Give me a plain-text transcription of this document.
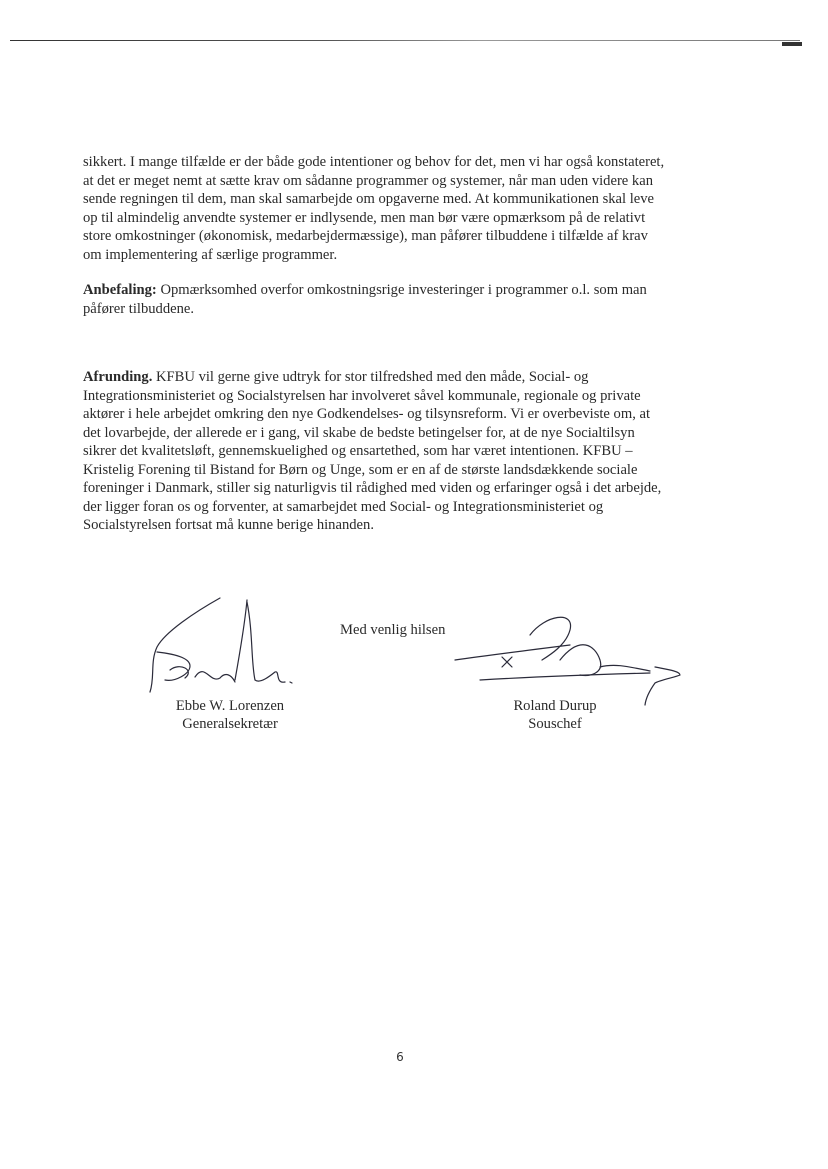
sikkert. I mange tilfælde er der både gode intentioner og behov for det, men vi har også konstateret,
at det er meget nemt at sætte krav om sådanne programmer og systemer, når man uden videre kan
sende regningen til dem, man skal samarbejde om opgaverne med. At kommunikationen skal leve
op til almindelig anvendte systemer er indlysende, men man bør være opmærksom på de relativt
store omkostninger (økonomisk, medarbejdermæssige), man påfører tilbuddene i tilfælde af krav
om implementering af særlige programmer.
Anbefaling: Opmærksomhed overfor omkostningsrige investeringer i programmer o.l. som man
påfører tilbuddene.
Afrunding. KFBU vil gerne give udtryk for stor tilfredshed med den måde, Social- og
Integrationsministeriet og Socialstyrelsen har involveret såvel kommunale, regionale og private
aktører i hele arbejdet omkring den nye Godkendelses- og tilsynsreform. Vi er overbeviste om, at
det lovarbejde, der allerede er i gang, vil skabe de bedste betingelser for, at de nye Socialtilsyn
sikrer det kvalitetsløft, gennemskuelighed og ensartethed, som har været intentionen. KFBU –
Kristelig Forening til Bistand for Børn og Unge, som er en af de største landsdækkende sociale
foreninger i Danmark, stiller sig naturligvis til rådighed med viden og erfaringer også i det arbejde,
der ligger foran os og forventer, at samarbejdet med Social- og Integrationsministeriet og
Socialstyrelsen fortsat må kunne berige hinanden.
Med venlig hilsen
Ebbe W. Lorenzen
Generalsekretær
Roland Durup
Souschef
6
